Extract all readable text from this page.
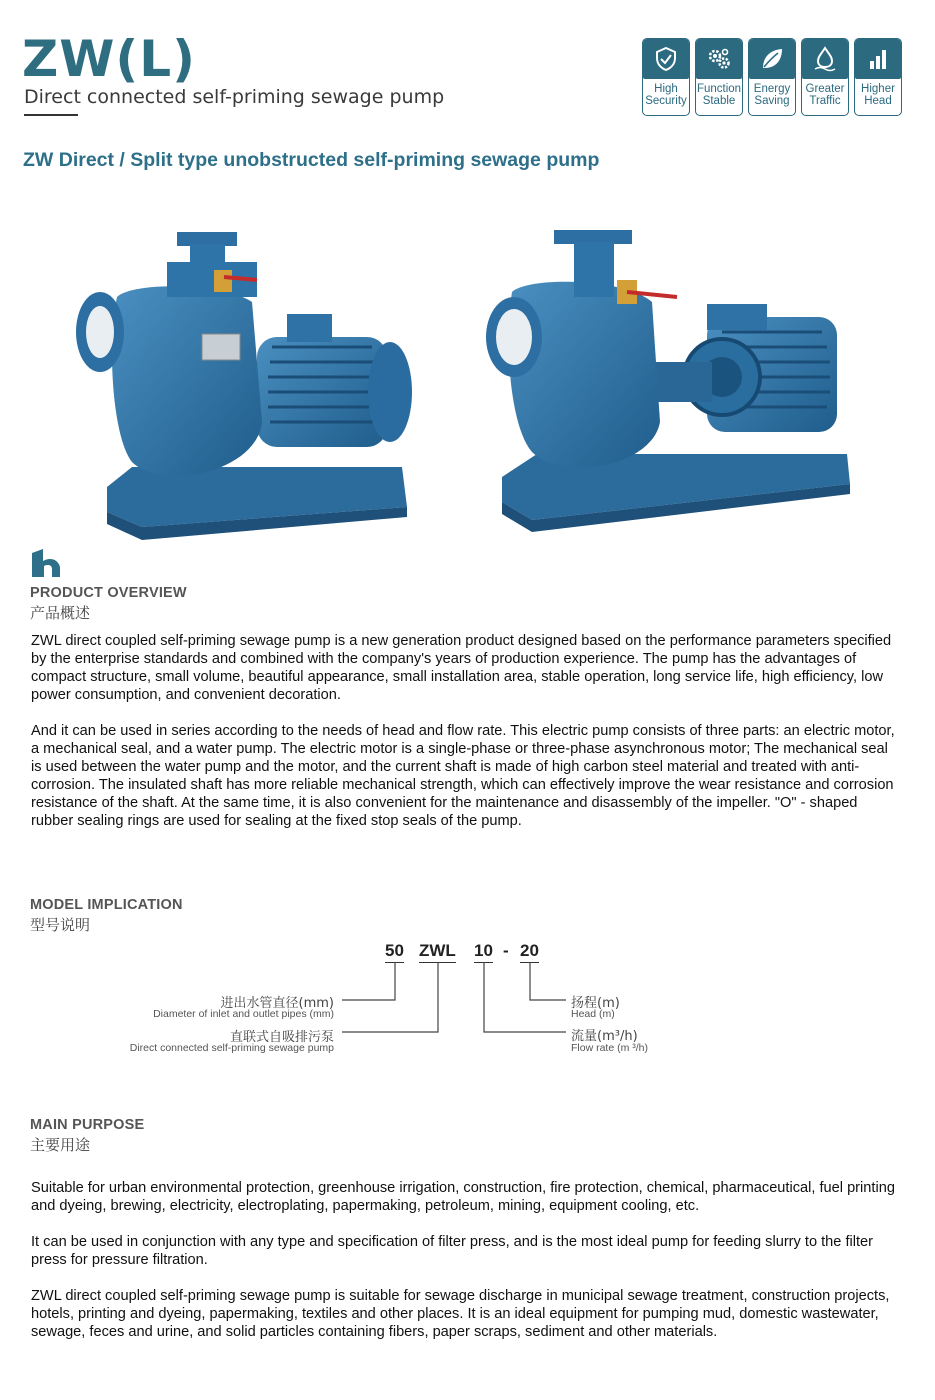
ZW(L)
Direct connected self-priming sewage pump	High
Security
Function
Stable
Energy
Saving
Greater
Traffic
Higher
Head
ZW Direct / Split type unobstructed self-priming sewage pump
PRODUCT OVERVIEW
产品概述

ZWL direct coupled self-priming sewage pump is a new generation product designed based on the performance parameters specified by the enterprise standards and combined with the company's years of production experience. The pump has the advantages of compact structure, small volume, beautiful appearance, small installation area, stable operation, long service life, high efficiency, low power consumption, and convenient decoration.

And it can be used in series according to the needs of head and flow rate. This electric pump consists of three parts: an electric motor, a mechanical seal, and a water pump. The electric motor is a single-phase or three-phase asynchronous motor; The mechanical seal is used between the water pump and the motor, and the current shaft is made of high carbon steel material and treated with anti-corrosion. The insulated shaft has more reliable mechanical strength, which can effectively improve the wear resistance and corrosion resistance of the shaft. At the same time, it is also convenient for the maintenance and disassembly of the impeller. "O" - shaped rubber sealing rings are used for sealing at the fixed stop seals of the pump.

MODEL IMPLICATION
型号说明
50 ZWL 10 - 20
进出水管直径(mm)
Diameter of inlet and outlet pipes (mm)
直联式自吸排污泵
Direct connected self-priming sewage pump
扬程(m)
Head (m)
流量(m³/h)
Flow rate (m ³/h)
MAIN PURPOSE
主要用途

Suitable for urban environmental protection, greenhouse irrigation, construction, fire protection, chemical, pharmaceutical, fuel printing and dyeing, brewing, electricity, electroplating, papermaking, petroleum, mining, equipment cooling, etc.

It can be used in conjunction with any type and specification of filter press, and is the most ideal pump for feeding slurry to the filter press for pressure filtration.

ZWL direct coupled self-priming sewage pump is suitable for sewage discharge in municipal sewage treatment, construction projects, hotels, printing and dyeing, papermaking, textiles and other places. It is an ideal equipment for pumping mud, domestic wastewater, sewage, feces and urine, and solid particles containing fibers, paper scraps, sediment and other materials.
